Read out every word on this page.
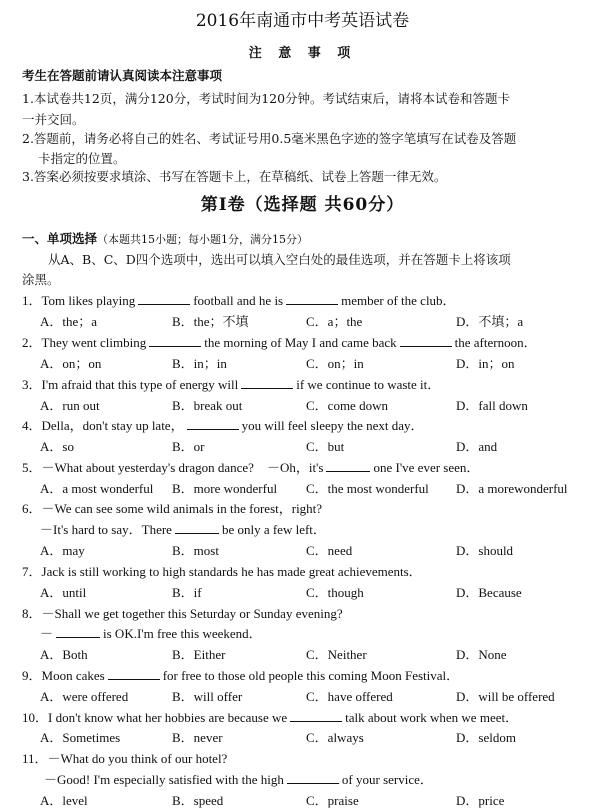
2016年南通市中考英语试卷
注 意 事 项
考生在答题前请认真阅读本注意事项
1.本试卷共12页，满分120分，考试时间为120分钟。考试结束后，请将本试卷和答题卡
一并交回。
2.答题前，请务必将自己的姓名、考试证号用0.5毫米黑色字迹的签字笔填写在试卷及答题
卡指定的位置。
3.答案必须按要求填涂、书写在答题卡上，在草稿纸、试卷上答题一律无效。
第Ⅰ卷（选择题 共60分）
一、单项选择（本题共15小题；每小题1分，满分15分）
从A、B、C、D四个选项中，选出可以填入空白处的最佳选项，并在答题卡上将该项
涂黑。
1．Tom likes playing	football and he is	member of the club．
A．the；a	B．the；不填	C．a；the	D．不填；a
2．They went climbing	the morning of May I and came back	the afternoon．
A．on；on	B．in；in	C．on；in	D．in；on
3．I'm afraid that this type of energy will	if we continue to waste it．
A．run out	B．break out	C．come down	D．fall down
4．Della，don't stay up late，	you will feel sleepy the next day．
A．so	B．or	C．but	D．and
5．－What about yesterday's dragon dance?　－Oh，it's	one I've ever seen．
A．a most wonderful B．more wonderful C．the most wonderful D．a morewonderful
6．－We can see some wild animals in the forest，right?
－It's hard to say．There	be only a few left．
A．may	B．most	C．need	D．should
7．Jack is still working to high standards he has made great achievements．
A．until	B．if	C．though	D．Because
8．－Shall we get together this Seturday or Sunday evening?
－	is OK.I'm free this weekend．
A．Both	B．Either	C．Neither	D．None
9．Moon cakes	for free to those old people this coming Moon Festival．
A．were offered	B．will offer	C．have offered	D．will be offered
10．I don't know what her hobbies are because we	talk about work when we meet．
A．Sometimes	B．never	C．always	D．seldom
11．－What do you think of our hotel?
－Good! I'm especially satisfied with the high	of your service．
A．level	B．speed	C．praise	D．price
